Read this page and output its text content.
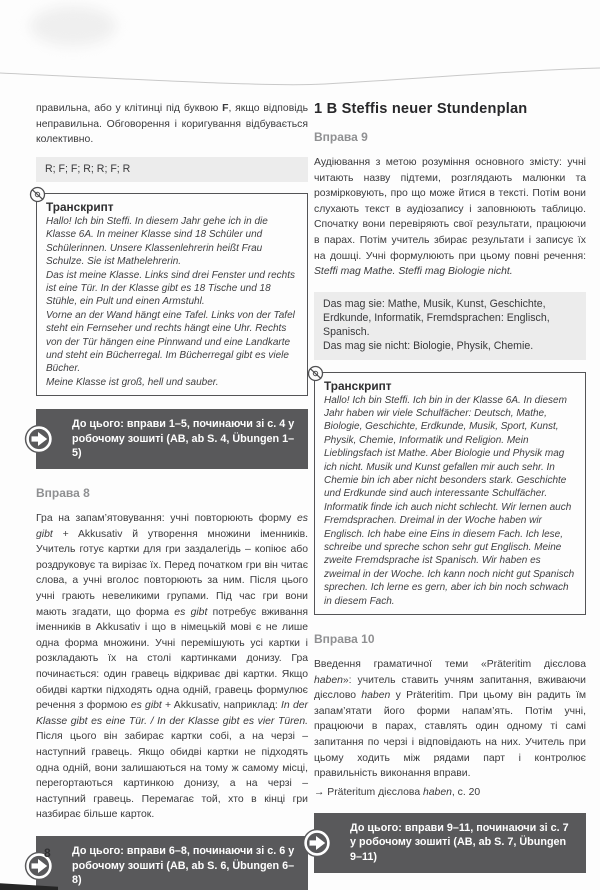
правильна, або у клітинці під буквою F, якщо відповідь неправильна. Обговорення і коригування відбувається колективно.

R; F; F; R; R; F; R

Транскрипт

Hallo! Ich bin Steffi. In diesem Jahr gehe ich in die Klasse 6A. In meiner Klasse sind 18 Schüler und Schülerinnen. Unsere Klassenlehrerin heißt Frau Schulze. Sie ist Mathelehrerin.

Das ist meine Klasse. Links sind drei Fenster und rechts ist eine Tür. In der Klasse gibt es 18 Tische und 18 Stühle, ein Pult und einen Armstuhl.

Vorne an der Wand hängt eine Tafel. Links von der Tafel steht ein Fernseher und rechts hängt eine Uhr. Rechts von der Tür hängen eine Pinnwand und eine Landkarte und steht ein Bücherregal. Im Bücherregal gibt es viele Bücher.

Meine Klasse ist groß, hell und sauber.

До цього: вправи 1–5, починаючи зі с. 4 у робочому зошиті (AB, ab S. 4, Übungen 1–5)
Вправа 8

Гра на запам’ятовування: учні повторюють форму es gibt + Akkusativ й утворення множини іменників. Учитель готує картки для гри заздалегідь – копіює або роздруковує та вирізає їх. Перед початком гри він читає слова, а учні вголос повторюють за ним. Після цього учні грають невеликими групами. Під час гри вони мають згадати, що форма es gibt потребує вживання іменників в Akkusativ і що в німецькій мові є не лише одна форма множини. Учні перемішують усі картки і розкладають їх на столі картинками донизу. Гра починається: один гравець відкриває дві картки. Якщо обидві картки підходять одна одній, гравець формулює речення з формою es gibt + Akkusativ, наприклад: In der Klasse gibt es eine Tür. / In der Klasse gibt es vier Türen. Після цього він забирає картки собі, а на черзі – наступний гравець. Якщо обидві картки не підходять одна одній, вони залишаються на тому ж самому місці, перегортаються картинкою донизу, а на черзі – наступний гравець. Перемагає той, хто в кінці гри назбирає більше карток.

До цього: вправи 6–8, починаючи зі с. 6 у робочому зошиті (AB, ab S. 6, Übungen 6–8)
1 B Steffis neuer Stundenplan
Вправа 9

Аудіювання з метою розуміння основного змісту: учні читають назву підтеми, розглядають малюнки та розмірковують, про що може йтися в тексті. Потім вони слухають текст в аудіозапису і заповнюють таблицю. Спочатку вони перевіряють свої результати, працюючи в парах. Потім учитель збирає результати і записує їх на дошці. Учні формулюють при цьому повні речення: Steffi mag Mathe. Steffi mag Biologie nicht.

Das mag sie: Mathe, Musik, Kunst, Geschichte, Erdkunde, Informatik, Fremdsprachen: Englisch, Spanisch.

Das mag sie nicht: Biologie, Physik, Chemie.

Транскрипт

Hallo! Ich bin Steffi. Ich bin in der Klasse 6A. In diesem Jahr haben wir viele Schulfächer: Deutsch, Mathe, Biologie, Geschichte, Erdkunde, Musik, Sport, Kunst, Physik, Chemie, Informatik und Religion. Mein Lieblingsfach ist Mathe. Aber Biologie und Physik mag ich nicht. Musik und Kunst gefallen mir auch sehr. In Chemie bin ich aber nicht besonders stark. Geschichte und Erdkunde sind auch interessante Schulfächer. Informatik finde ich auch nicht schlecht. Wir lernen auch Fremdsprachen. Dreimal in der Woche haben wir Englisch. Ich habe eine Eins in diesem Fach. Ich lese, schreibe und spreche schon sehr gut Englisch. Meine zweite Fremdsprache ist Spanisch. Wir haben es zweimal in der Woche. Ich kann noch nicht gut Spanisch sprechen. Ich lerne es gern, aber ich bin noch schwach in diesem Fach.

Вправа 10

Введення граматичної теми «Präteritim дієслова haben»: учитель ставить учням запитання, вживаючи дієслово haben у Präteritim. При цьому він радить їм запам’ятати його форми напам’ять. Потім учні, працюючи в парах, ставлять один одному ті самі запитання по черзі і відповідають на них. Учитель при цьому ходить між рядами парт і контролює правильність виконання вправи.

→ Präteritum дієслова haben, с. 20

До цього: вправи 9–11, починаючи зі с. 7 у робочому зошиті (AB, ab S. 7, Übungen 9–11)
8
